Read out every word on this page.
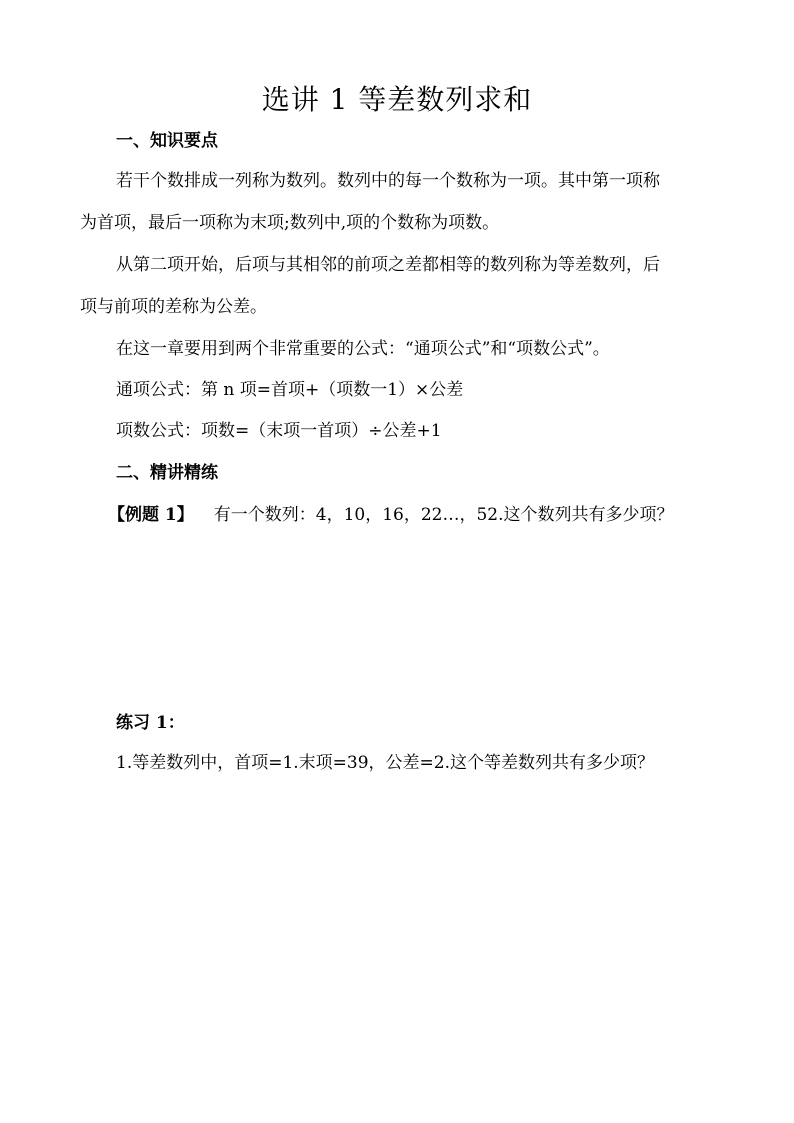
选讲 1 等差数列求和
一、知识要点
若干个数排成一列称为数列。数列中的每一个数称为一项。其中第一项称
为首项，最后一项称为末项;数列中,项的个数称为项数。
从第二项开始，后项与其相邻的前项之差都相等的数列称为等差数列，后
项与前项的差称为公差。
在这一章要用到两个非常重要的公式：“通项公式”和“项数公式”。
通项公式：第 n 项=首项+（项数一1）×公差
项数公式：项数=（末项一首项）÷公差+1
二、精讲精练
【例题 1】 有一个数列：4，10，16，22…，52.这个数列共有多少项？
练习 1：
1.等差数列中，首项=1.末项=39，公差=2.这个等差数列共有多少项？
